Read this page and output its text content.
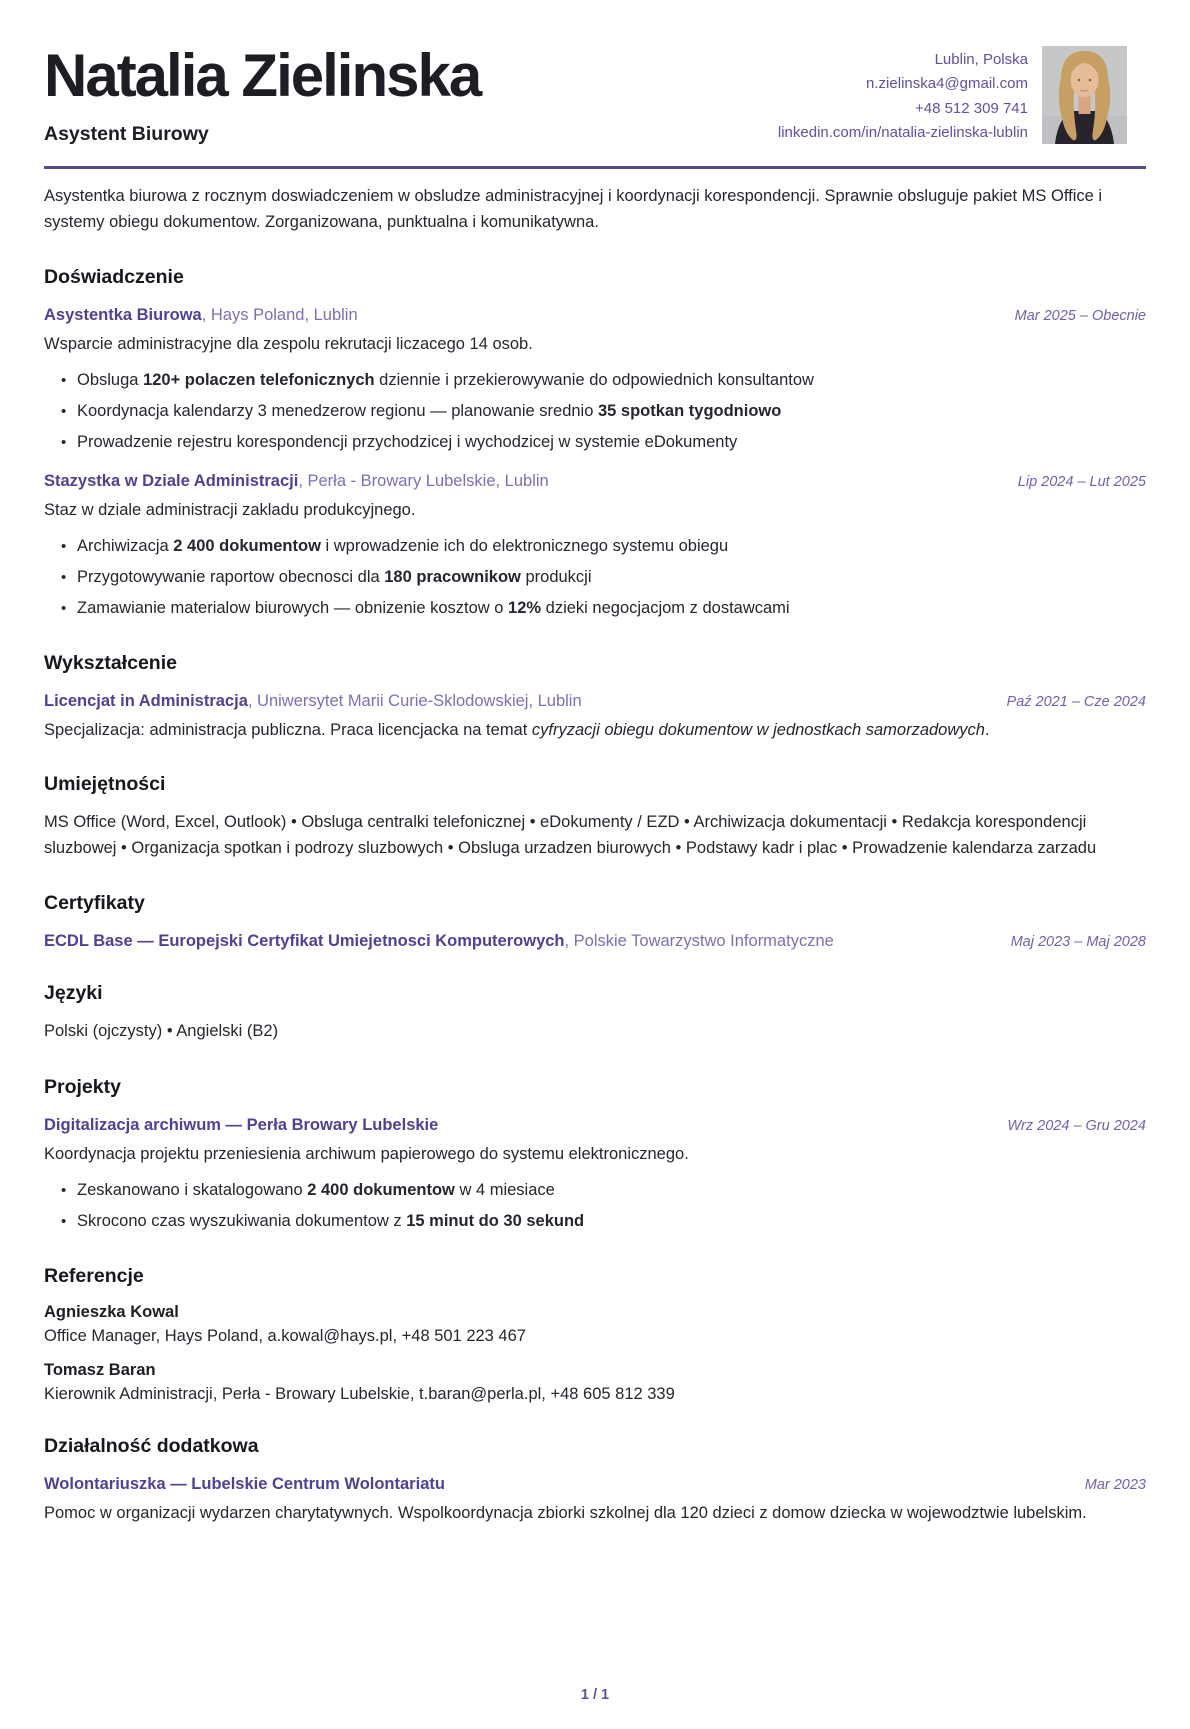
Natalia Zielinska
Asystent Biurowy
Lublin, Polska
n.zielinska4@gmail.com
+48 512 309 741
linkedin.com/in/natalia-zielinska-lublin

Asystentka biurowa z rocznym doswiadczeniem w obsludze administracyjnej i koordynacji korespondencji. Sprawnie obsluguje pakiet MS Office i systemy obiegu dokumentow. Zorganizowana, punktualna i komunikatywna.

Doświadczenie
Asystentka Biurowa, Hays Poland, Lublin	Mar 2025 – Obecnie

Wsparcie administracyjne dla zespolu rekrutacji liczacego 14 osob.

• Obsluga 120+ polaczen telefonicznych dziennie i przekierowywanie do odpowiednich konsultantow
• Koordynacja kalendarzy 3 menedzerow regionu — planowanie srednio 35 spotkan tygodniowo
• Prowadzenie rejestru korespondencji przychodzicej i wychodzicej w systemie eDokumenty
Stazystka w Dziale Administracji, Perła - Browary Lubelskie, Lublin	Lip 2024 – Lut 2025

Staz w dziale administracji zakladu produkcyjnego.

• Archiwizacja 2 400 dokumentow i wprowadzenie ich do elektronicznego systemu obiegu
• Przygotowywanie raportow obecnosci dla 180 pracownikow produkcji
• Zamawianie materialow biurowych — obnizenie kosztow o 12% dzieki negocjacjom z dostawcami
Wykształcenie
Licencjat in Administracja, Uniwersytet Marii Curie-Sklodowskiej, Lublin	Paź 2021 – Cze 2024

Specjalizacja: administracja publiczna. Praca licencjacka na temat cyfryzacji obiegu dokumentow w jednostkach samorzadowych.

Umiejętności

MS Office (Word, Excel, Outlook) • Obsluga centralki telefonicznej • eDokumenty / EZD • Archiwizacja dokumentacji • Redakcja korespondencji sluzbowej • Organizacja spotkan i podrozy sluzbowych • Obsluga urzadzen biurowych • Podstawy kadr i plac • Prowadzenie kalendarza zarzadu

Certyfikaty
ECDL Base — Europejski Certyfikat Umiejetnosci Komputerowych, Polskie Towarzystwo Informatyczne	Maj 2023 – Maj 2028
Języki

Polski (ojczysty) • Angielski (B2)

Projekty
Digitalizacja archiwum — Perła Browary Lubelskie	Wrz 2024 – Gru 2024

Koordynacja projektu przeniesienia archiwum papierowego do systemu elektronicznego.

• Zeskanowano i skatalogowano 2 400 dokumentow w 4 miesiace
• Skrocono czas wyszukiwania dokumentow z 15 minut do 30 sekund
Referencje
Agnieszka Kowal
Office Manager, Hays Poland, a.kowal@hays.pl, +48 501 223 467
Tomasz Baran
Kierownik Administracji, Perła - Browary Lubelskie, t.baran@perla.pl, +48 605 812 339
Działalność dodatkowa
Wolontariuszka — Lubelskie Centrum Wolontariatu	Mar 2023

Pomoc w organizacji wydarzen charytatywnych. Wspolkoordynacja zbiorki szkolnej dla 120 dzieci z domow dziecka w wojewodztwie lubelskim.

1 / 1
